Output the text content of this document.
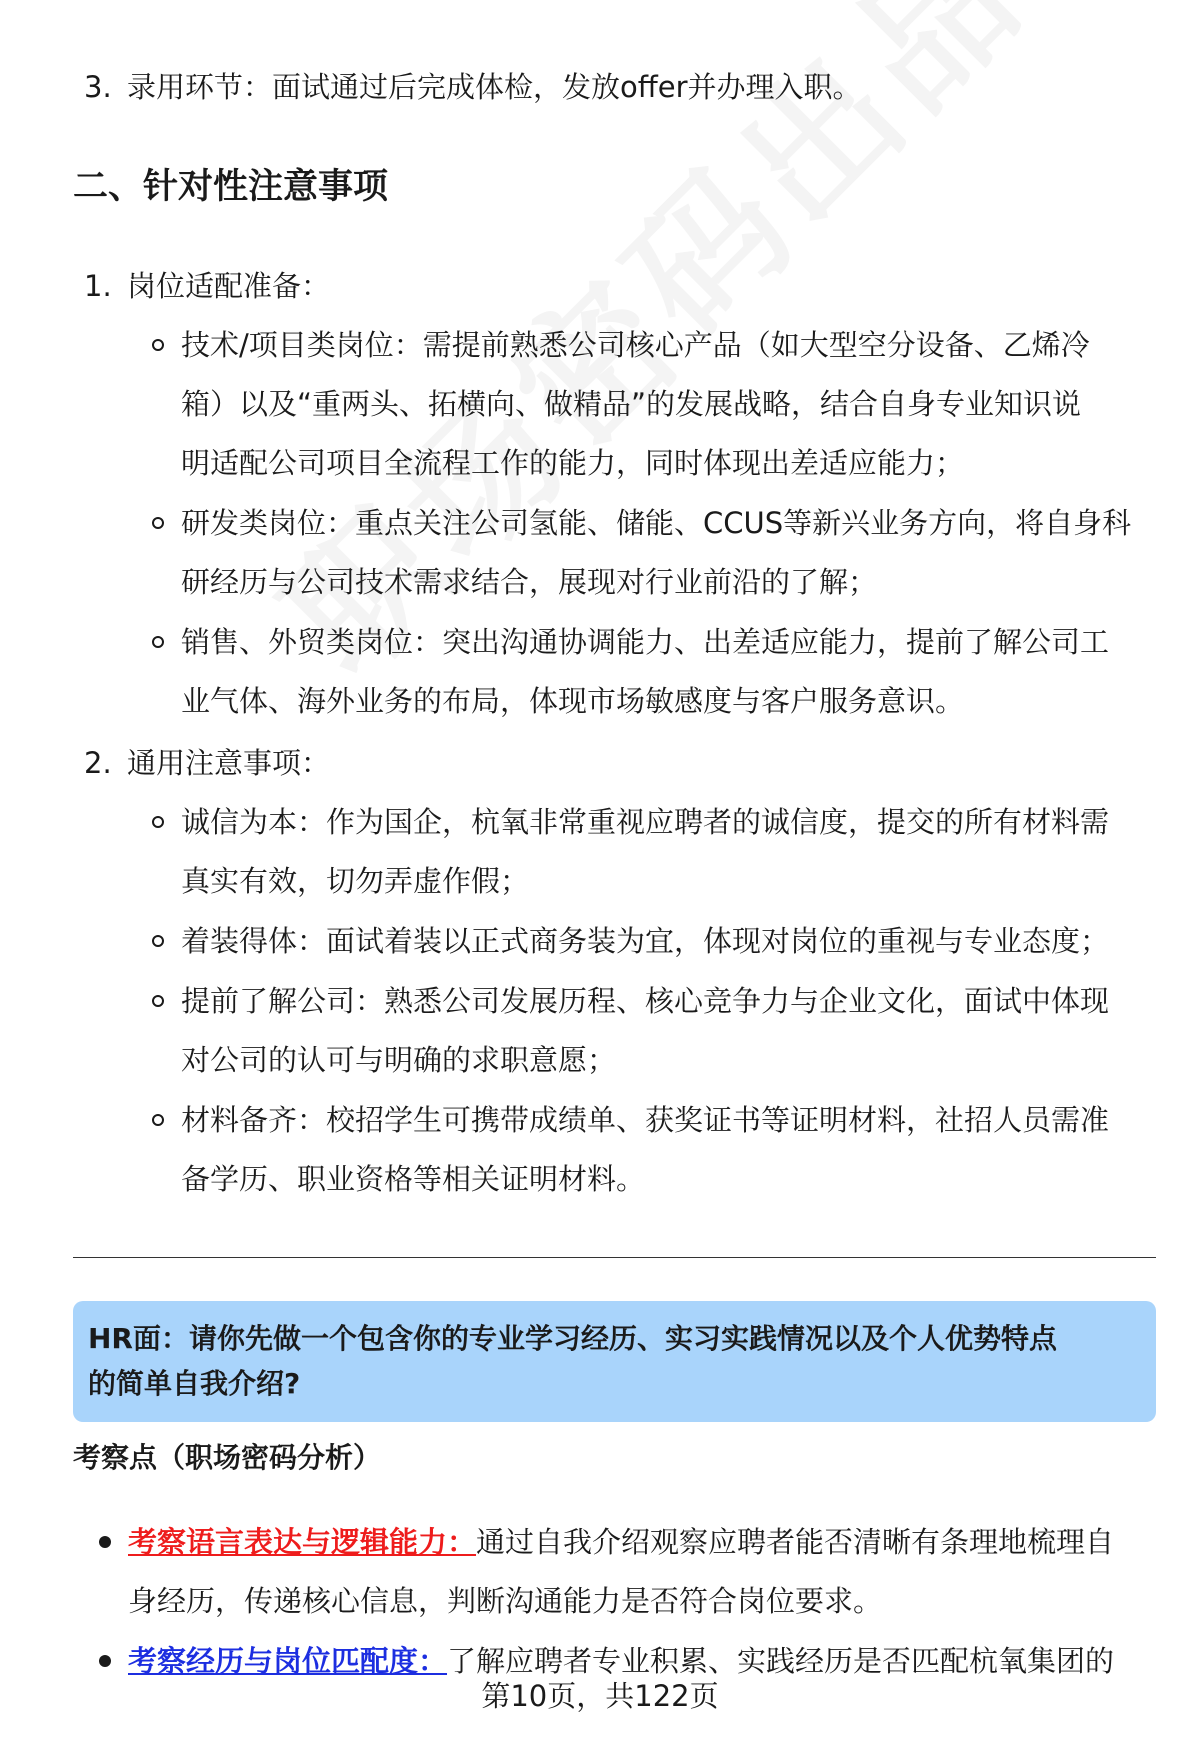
3. 录用环节：面试通过后完成体检，发放offer并办理入职。
二、针对性注意事项
1. 岗位适配准备：
技术/项目类岗位：需提前熟悉公司核心产品（如大型空分设备、乙烯冷
箱）以及“重两头、拓横向、做精品”的发展战略，结合自身专业知识说
明适配公司项目全流程工作的能力，同时体现出差适应能力；
研发类岗位：重点关注公司氢能、储能、CCUS等新兴业务方向，将自身科
研经历与公司技术需求结合，展现对行业前沿的了解；
销售、外贸类岗位：突出沟通协调能力、出差适应能力，提前了解公司工
业气体、海外业务的布局，体现市场敏感度与客户服务意识。
2. 通用注意事项：
诚信为本：作为国企，杭氧非常重视应聘者的诚信度，提交的所有材料需
真实有效，切勿弄虚作假；
着装得体：面试着装以正式商务装为宜，体现对岗位的重视与专业态度；
提前了解公司：熟悉公司发展历程、核心竞争力与企业文化，面试中体现
对公司的认可与明确的求职意愿；
材料备齐：校招学生可携带成绩单、获奖证书等证明材料，社招人员需准
备学历、职业资格等相关证明材料。
HR面：请你先做一个包含你的专业学习经历、实习实践情况以及个人优势特点
的简单自我介绍?
考察点（职场密码分析）
考察语言表达与逻辑能力：通过自我介绍观察应聘者能否清晰有条理地梳理自
身经历，传递核心信息，判断沟通能力是否符合岗位要求。
考察经历与岗位匹配度：了解应聘者专业积累、实践经历是否匹配杭氧集团的
第10页，共122页
